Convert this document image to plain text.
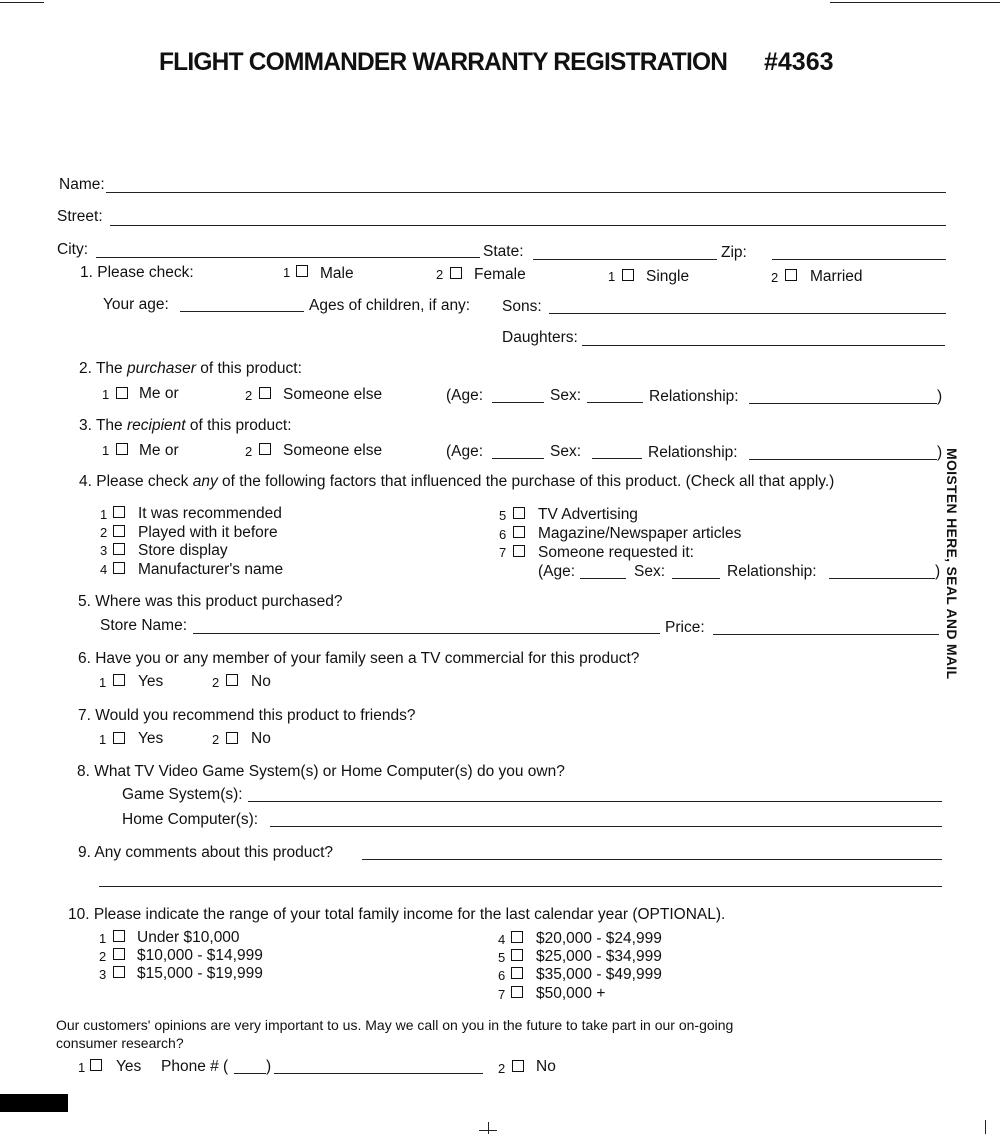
FLIGHT COMMANDER WARRANTY REGISTRATION #4363
MOISTEN HERE, SEAL AND MAIL
Name:
Street:
City:	State:	Zip:
1. Please check:	1 Male	2 Female	1 Single	2 Married
Your age:	Ages of children, if any: Sons:
Daughters:
2. The purchaser of this product:
1 Me or	2 Someone else	(Age:	Sex:	Relationship:	)
3. The recipient of this product:
1 Me or	2 Someone else	(Age:	Sex:	Relationship:	)
4. Please check any of the following factors that influenced the purchase of this product. (Check all that apply.)
1 It was recommended
2 Played with it before
3 Store display
4 Manufacturer's name
5 TV Advertising
6 Magazine/Newspaper articles
7 Someone requested it:
(Age:	Sex:	Relationship:	)
5. Where was this product purchased?
Store Name:	Price:
6. Have you or any member of your family seen a TV commercial for this product?
1 Yes	2 No
7. Would you recommend this product to friends?
1 Yes	2 No
8. What TV Video Game System(s) or Home Computer(s) do you own?
Game System(s):
Home Computer(s):
9. Any comments about this product?
10. Please indicate the range of your total family income for the last calendar year (OPTIONAL).
1 Under $10,000
2 $10,000 - $14,999
3 $15,000 - $19,999
4 $20,000 - $24,999
5 $25,000 - $34,999
6 $35,000 - $49,999
7 $50,000 +
Our customers' opinions are very important to us. May we call on you in the future to take part in our on-going
consumer research?
1 Yes Phone # ( )	2 No
